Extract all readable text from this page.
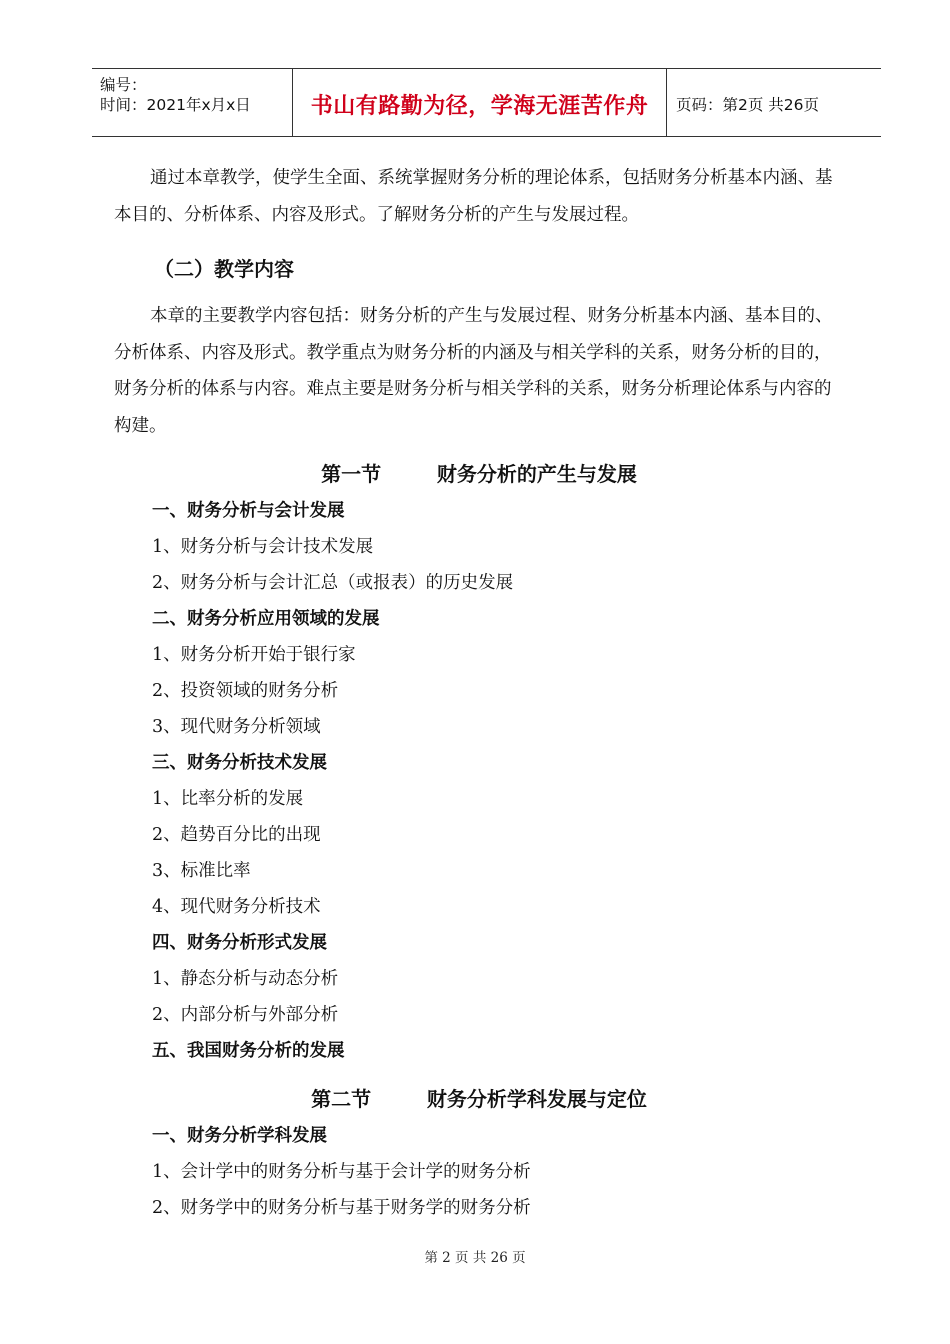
编号：
时间：2021年x月x日	书山有路勤为径，学海无涯苦作舟	页码：第2页 共26页

通过本章教学，使学生全面、系统掌握财务分析的理论体系，包括财务分析基本内涵、基本目的、分析体系、内容及形式。了解财务分析的产生与发展过程。

（二）教学内容

本章的主要教学内容包括：财务分析的产生与发展过程、财务分析基本内涵、基本目的、分析体系、内容及形式。教学重点为财务分析的内涵及与相关学科的关系，财务分析的目的，财务分析的体系与内容。难点主要是财务分析与相关学科的关系，财务分析理论体系与内容的构建。

第一节        财务分析的产生与发展
一、财务分析与会计发展
1、财务分析与会计技术发展
2、财务分析与会计汇总（或报表）的历史发展
二、财务分析应用领域的发展
1、财务分析开始于银行家
2、投资领域的财务分析
3、现代财务分析领域
三、财务分析技术发展
1、比率分析的发展
2、趋势百分比的出现
3、标准比率
4、现代财务分析技术
四、财务分析形式发展
1、静态分析与动态分析
2、内部分析与外部分析
五、我国财务分析的发展
第二节        财务分析学科发展与定位
一、财务分析学科发展
1、会计学中的财务分析与基于会计学的财务分析
2、财务学中的财务分析与基于财务学的财务分析
第 2 页 共 26 页
